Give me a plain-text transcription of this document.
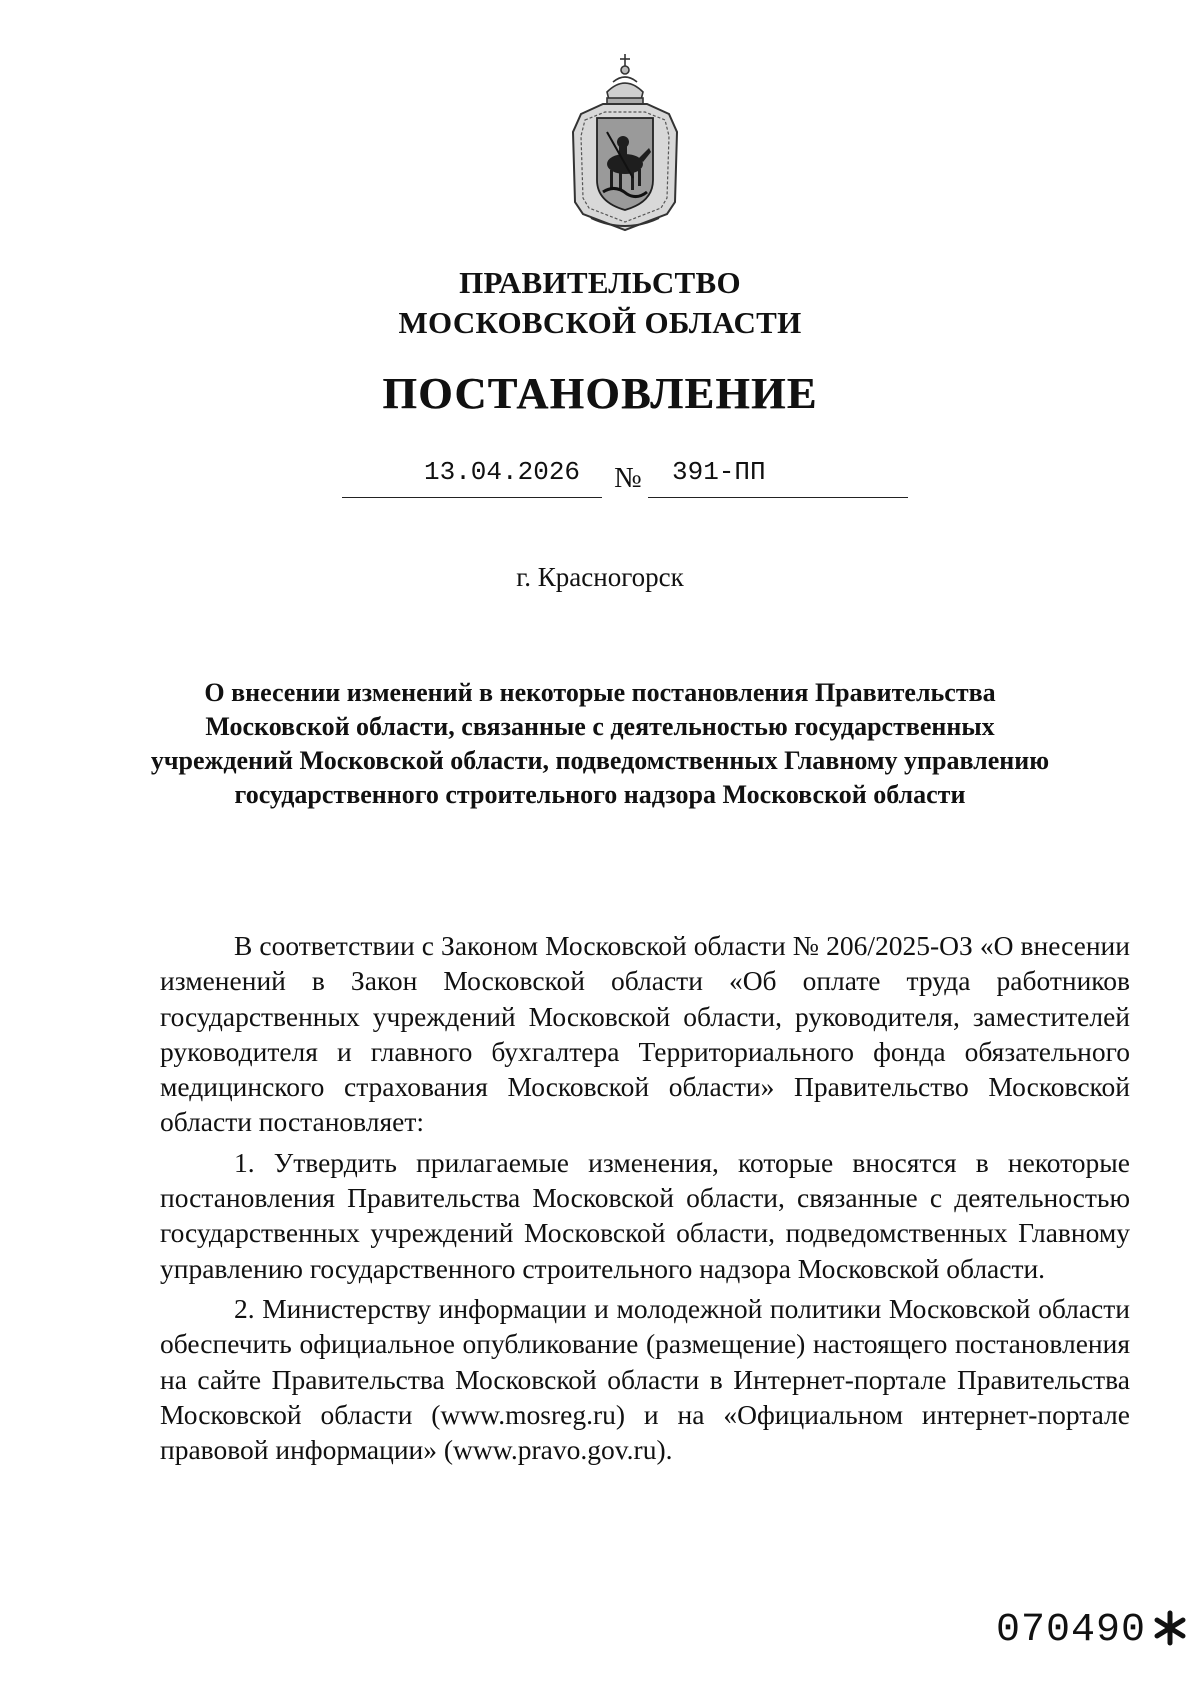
ПРАВИТЕЛЬСТВО
МОСКОВСКОЙ ОБЛАСТИ
ПОСТАНОВЛЕНИЕ
13.04.2026 № 391-ПП
г. Красногорск
О внесении изменений в некоторые постановления Правительства Московской области, связанные с деятельностью государственных учреждений Московской области, подведомственных Главному управлению государственного строительного надзора Московской области

В соответствии с Законом Московской области № 206/2025-ОЗ «О внесении изменений в Закон Московской области «Об оплате труда работников государственных учреждений Московской области, руководителя, заместителей руководителя и главного бухгалтера Территориального фонда обязательного медицинского страхования Московской области» Правительство Московской области постановляет:

1. Утвердить прилагаемые изменения, которые вносятся в некоторые постановления Правительства Московской области, связанные с деятельностью государственных учреждений Московской области, подведомственных Главному управлению государственного строительного надзора Московской области.

2. Министерству информации и молодежной политики Московской области обеспечить официальное опубликование (размещение) настоящего постановления на сайте Правительства Московской области в Интернет-портале Правительства Московской области (www.mosreg.ru) и на «Официальном интернет-портале правовой информации» (www.pravo.gov.ru).

070490
